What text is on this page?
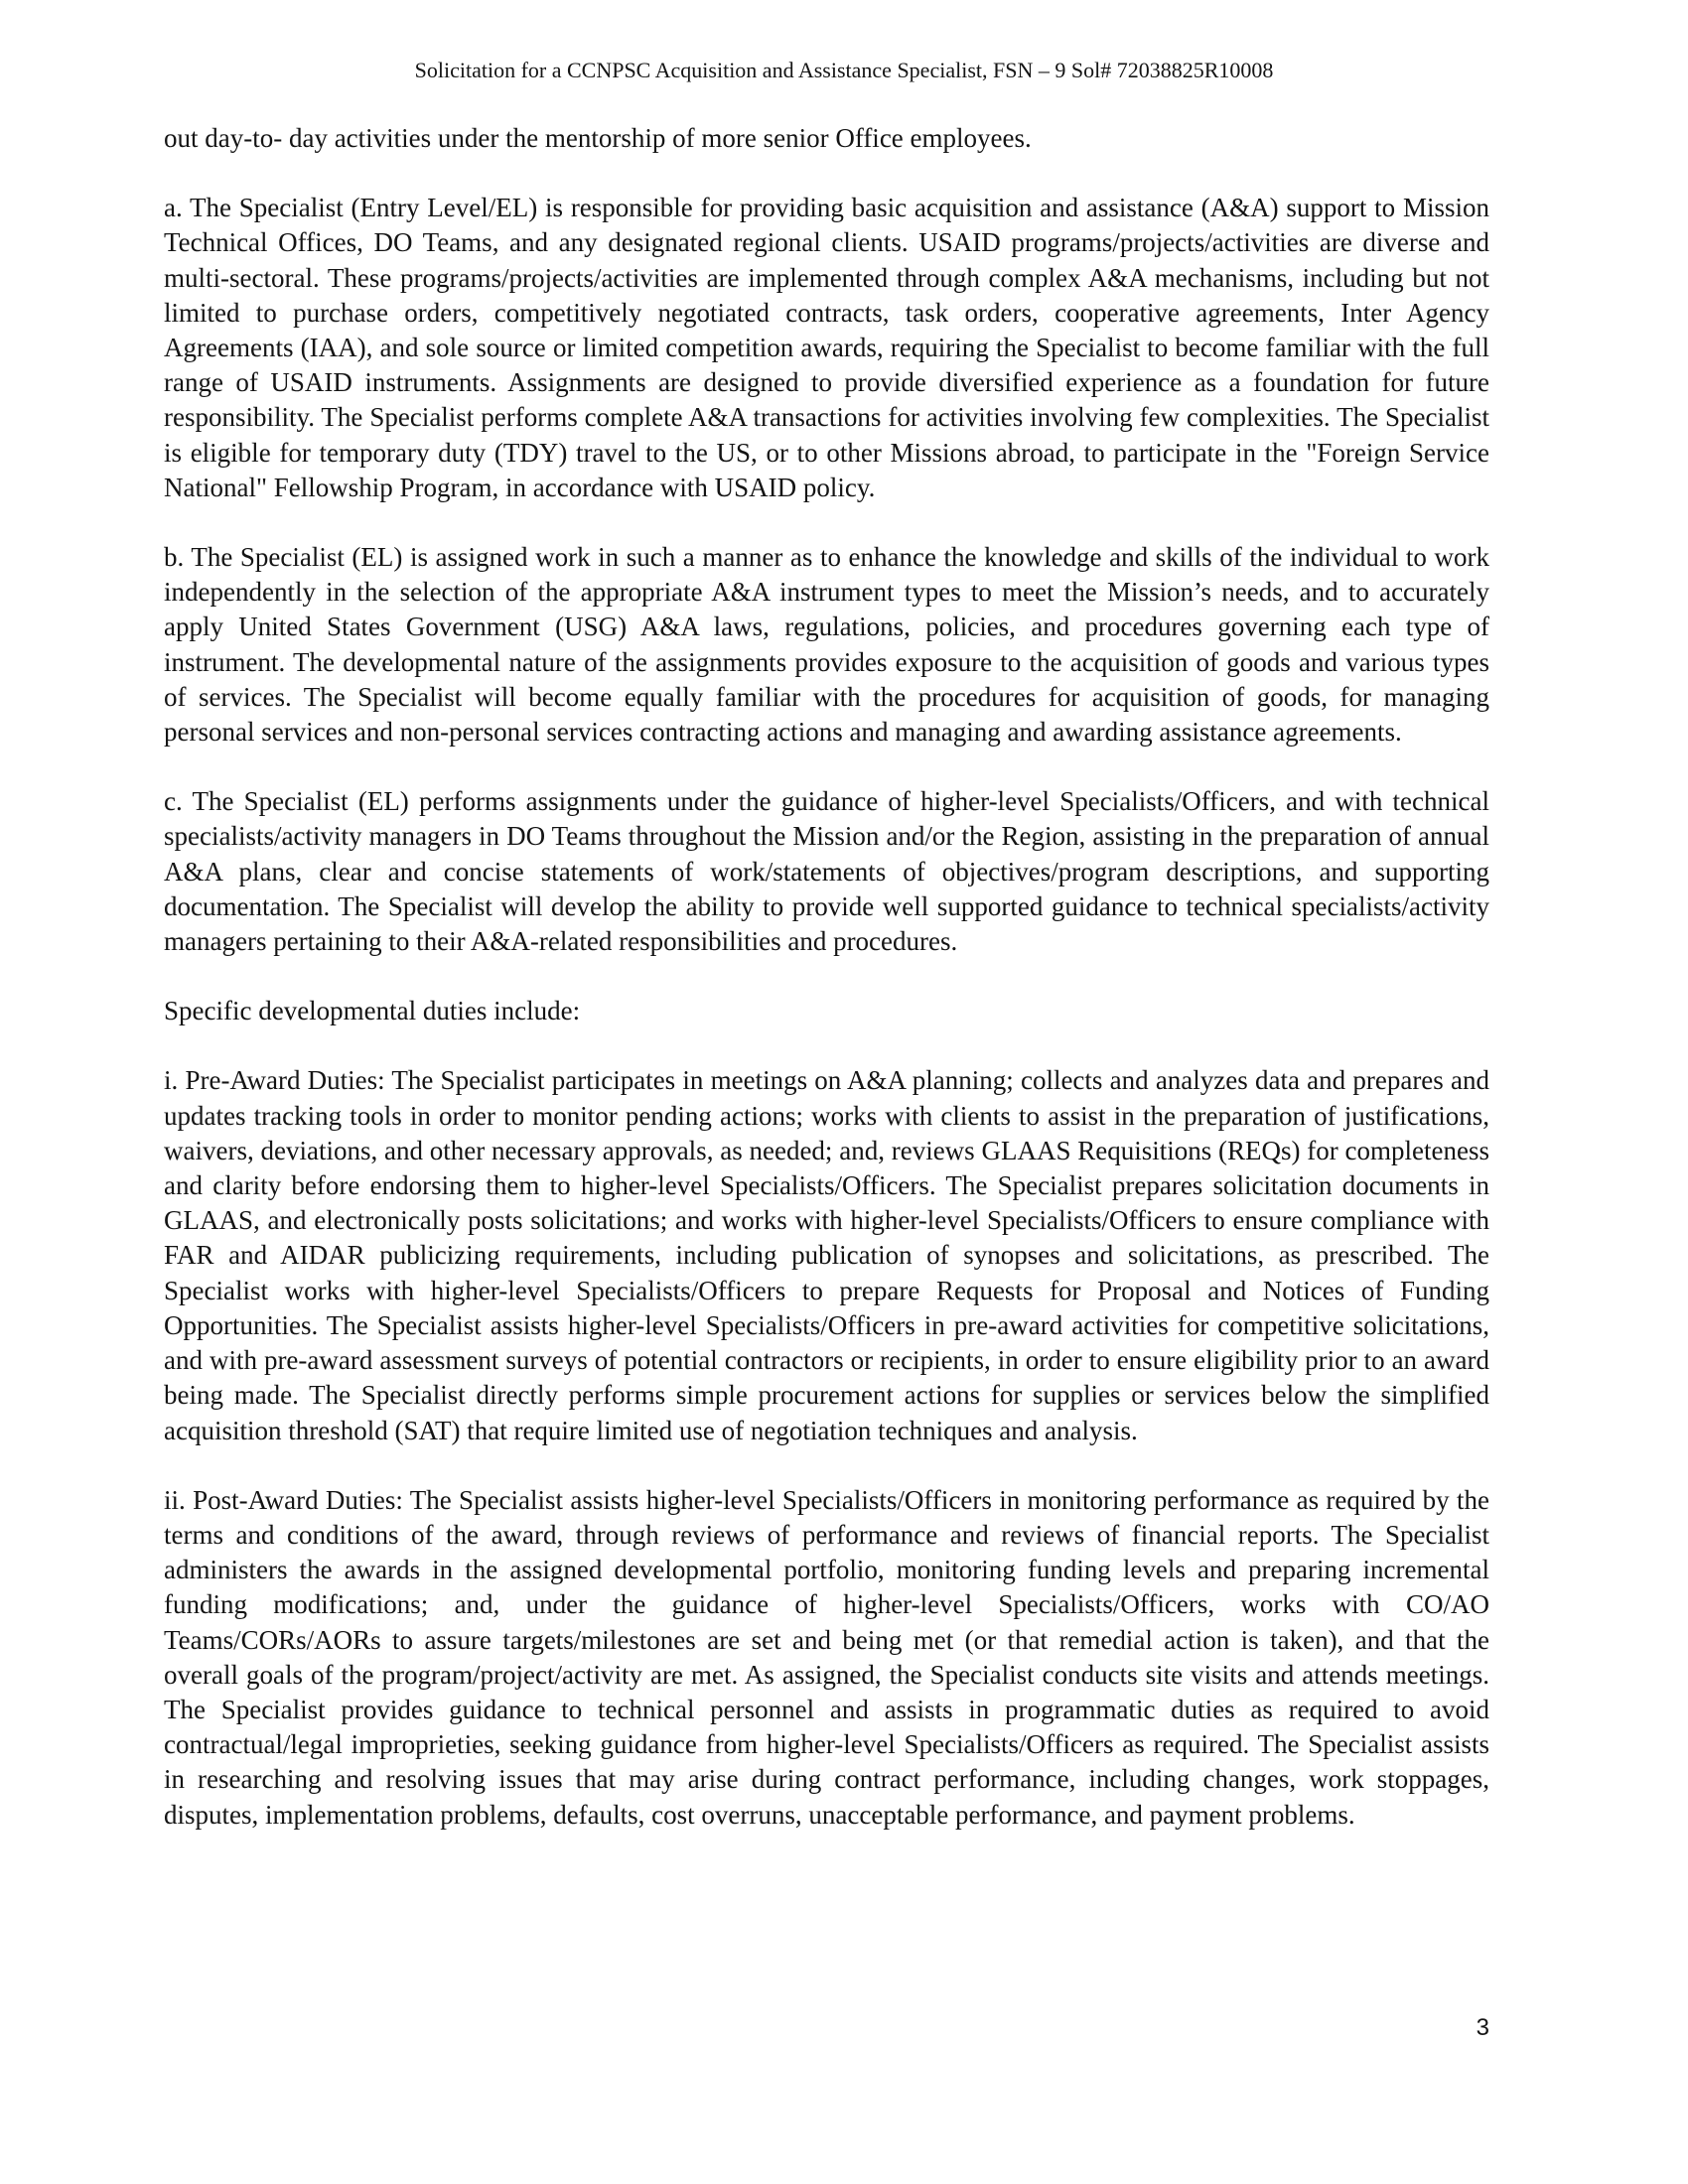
Solicitation for a CCNPSC Acquisition and Assistance Specialist, FSN – 9 Sol# 72038825R10008

out day-to- day activities under the mentorship of more senior Office employees.

a. The Specialist (Entry Level/EL) is responsible for providing basic acquisition and assistance (A&A) support to Mission Technical Offices, DO Teams, and any designated regional clients. USAID programs/projects/activities are diverse and multi-sectoral. These programs/projects/activities are implemented through complex A&A mechanisms, including but not limited to purchase orders, competitively negotiated contracts, task orders, cooperative agreements, Inter Agency Agreements (IAA), and sole source or limited competition awards, requiring the Specialist to become familiar with the full range of USAID instruments. Assignments are designed to provide diversified experience as a foundation for future responsibility. The Specialist performs complete A&A transactions for activities involving few complexities. The Specialist is eligible for temporary duty (TDY) travel to the US, or to other Missions abroad, to participate in the "Foreign Service National" Fellowship Program, in accordance with USAID policy.

b. The Specialist (EL) is assigned work in such a manner as to enhance the knowledge and skills of the individual to work independently in the selection of the appropriate A&A instrument types to meet the Mission’s needs, and to accurately apply United States Government (USG) A&A laws, regulations, policies, and procedures governing each type of instrument. The developmental nature of the assignments provides exposure to the acquisition of goods and various types of services. The Specialist will become equally familiar with the procedures for acquisition of goods, for managing personal services and non-personal services contracting actions and managing and awarding assistance agreements.

c. The Specialist (EL) performs assignments under the guidance of higher-level Specialists/Officers, and with technical specialists/activity managers in DO Teams throughout the Mission and/or the Region, assisting in the preparation of annual A&A plans, clear and concise statements of work/statements of objectives/program descriptions, and supporting documentation. The Specialist will develop the ability to provide well supported guidance to technical specialists/activity managers pertaining to their A&A-related responsibilities and procedures.

Specific developmental duties include:

i. Pre-Award Duties: The Specialist participates in meetings on A&A planning; collects and analyzes data and prepares and updates tracking tools in order to monitor pending actions; works with clients to assist in the preparation of justifications, waivers, deviations, and other necessary approvals, as needed; and, reviews GLAAS Requisitions (REQs) for completeness and clarity before endorsing them to higher-level Specialists/Officers. The Specialist prepares solicitation documents in GLAAS, and electronically posts solicitations; and works with higher-level Specialists/Officers to ensure compliance with FAR and AIDAR publicizing requirements, including publication of synopses and solicitations, as prescribed. The Specialist works with higher-level Specialists/Officers to prepare Requests for Proposal and Notices of Funding Opportunities. The Specialist assists higher-level Specialists/Officers in pre-award activities for competitive solicitations, and with pre-award assessment surveys of potential contractors or recipients, in order to ensure eligibility prior to an award being made. The Specialist directly performs simple procurement actions for supplies or services below the simplified acquisition threshold (SAT) that require limited use of negotiation techniques and analysis.

ii. Post-Award Duties: The Specialist assists higher-level Specialists/Officers in monitoring performance as required by the terms and conditions of the award, through reviews of performance and reviews of financial reports. The Specialist administers the awards in the assigned developmental portfolio, monitoring funding levels and preparing incremental funding modifications; and, under the guidance of higher-level Specialists/Officers, works with CO/AO Teams/CORs/AORs to assure targets/milestones are set and being met (or that remedial action is taken), and that the overall goals of the program/project/activity are met. As assigned, the Specialist conducts site visits and attends meetings. The Specialist provides guidance to technical personnel and assists in programmatic duties as required to avoid contractual/legal improprieties, seeking guidance from higher-level Specialists/Officers as required. The Specialist assists in researching and resolving issues that may arise during contract performance, including changes, work stoppages, disputes, implementation problems, defaults, cost overruns, unacceptable performance, and payment problems.

3
